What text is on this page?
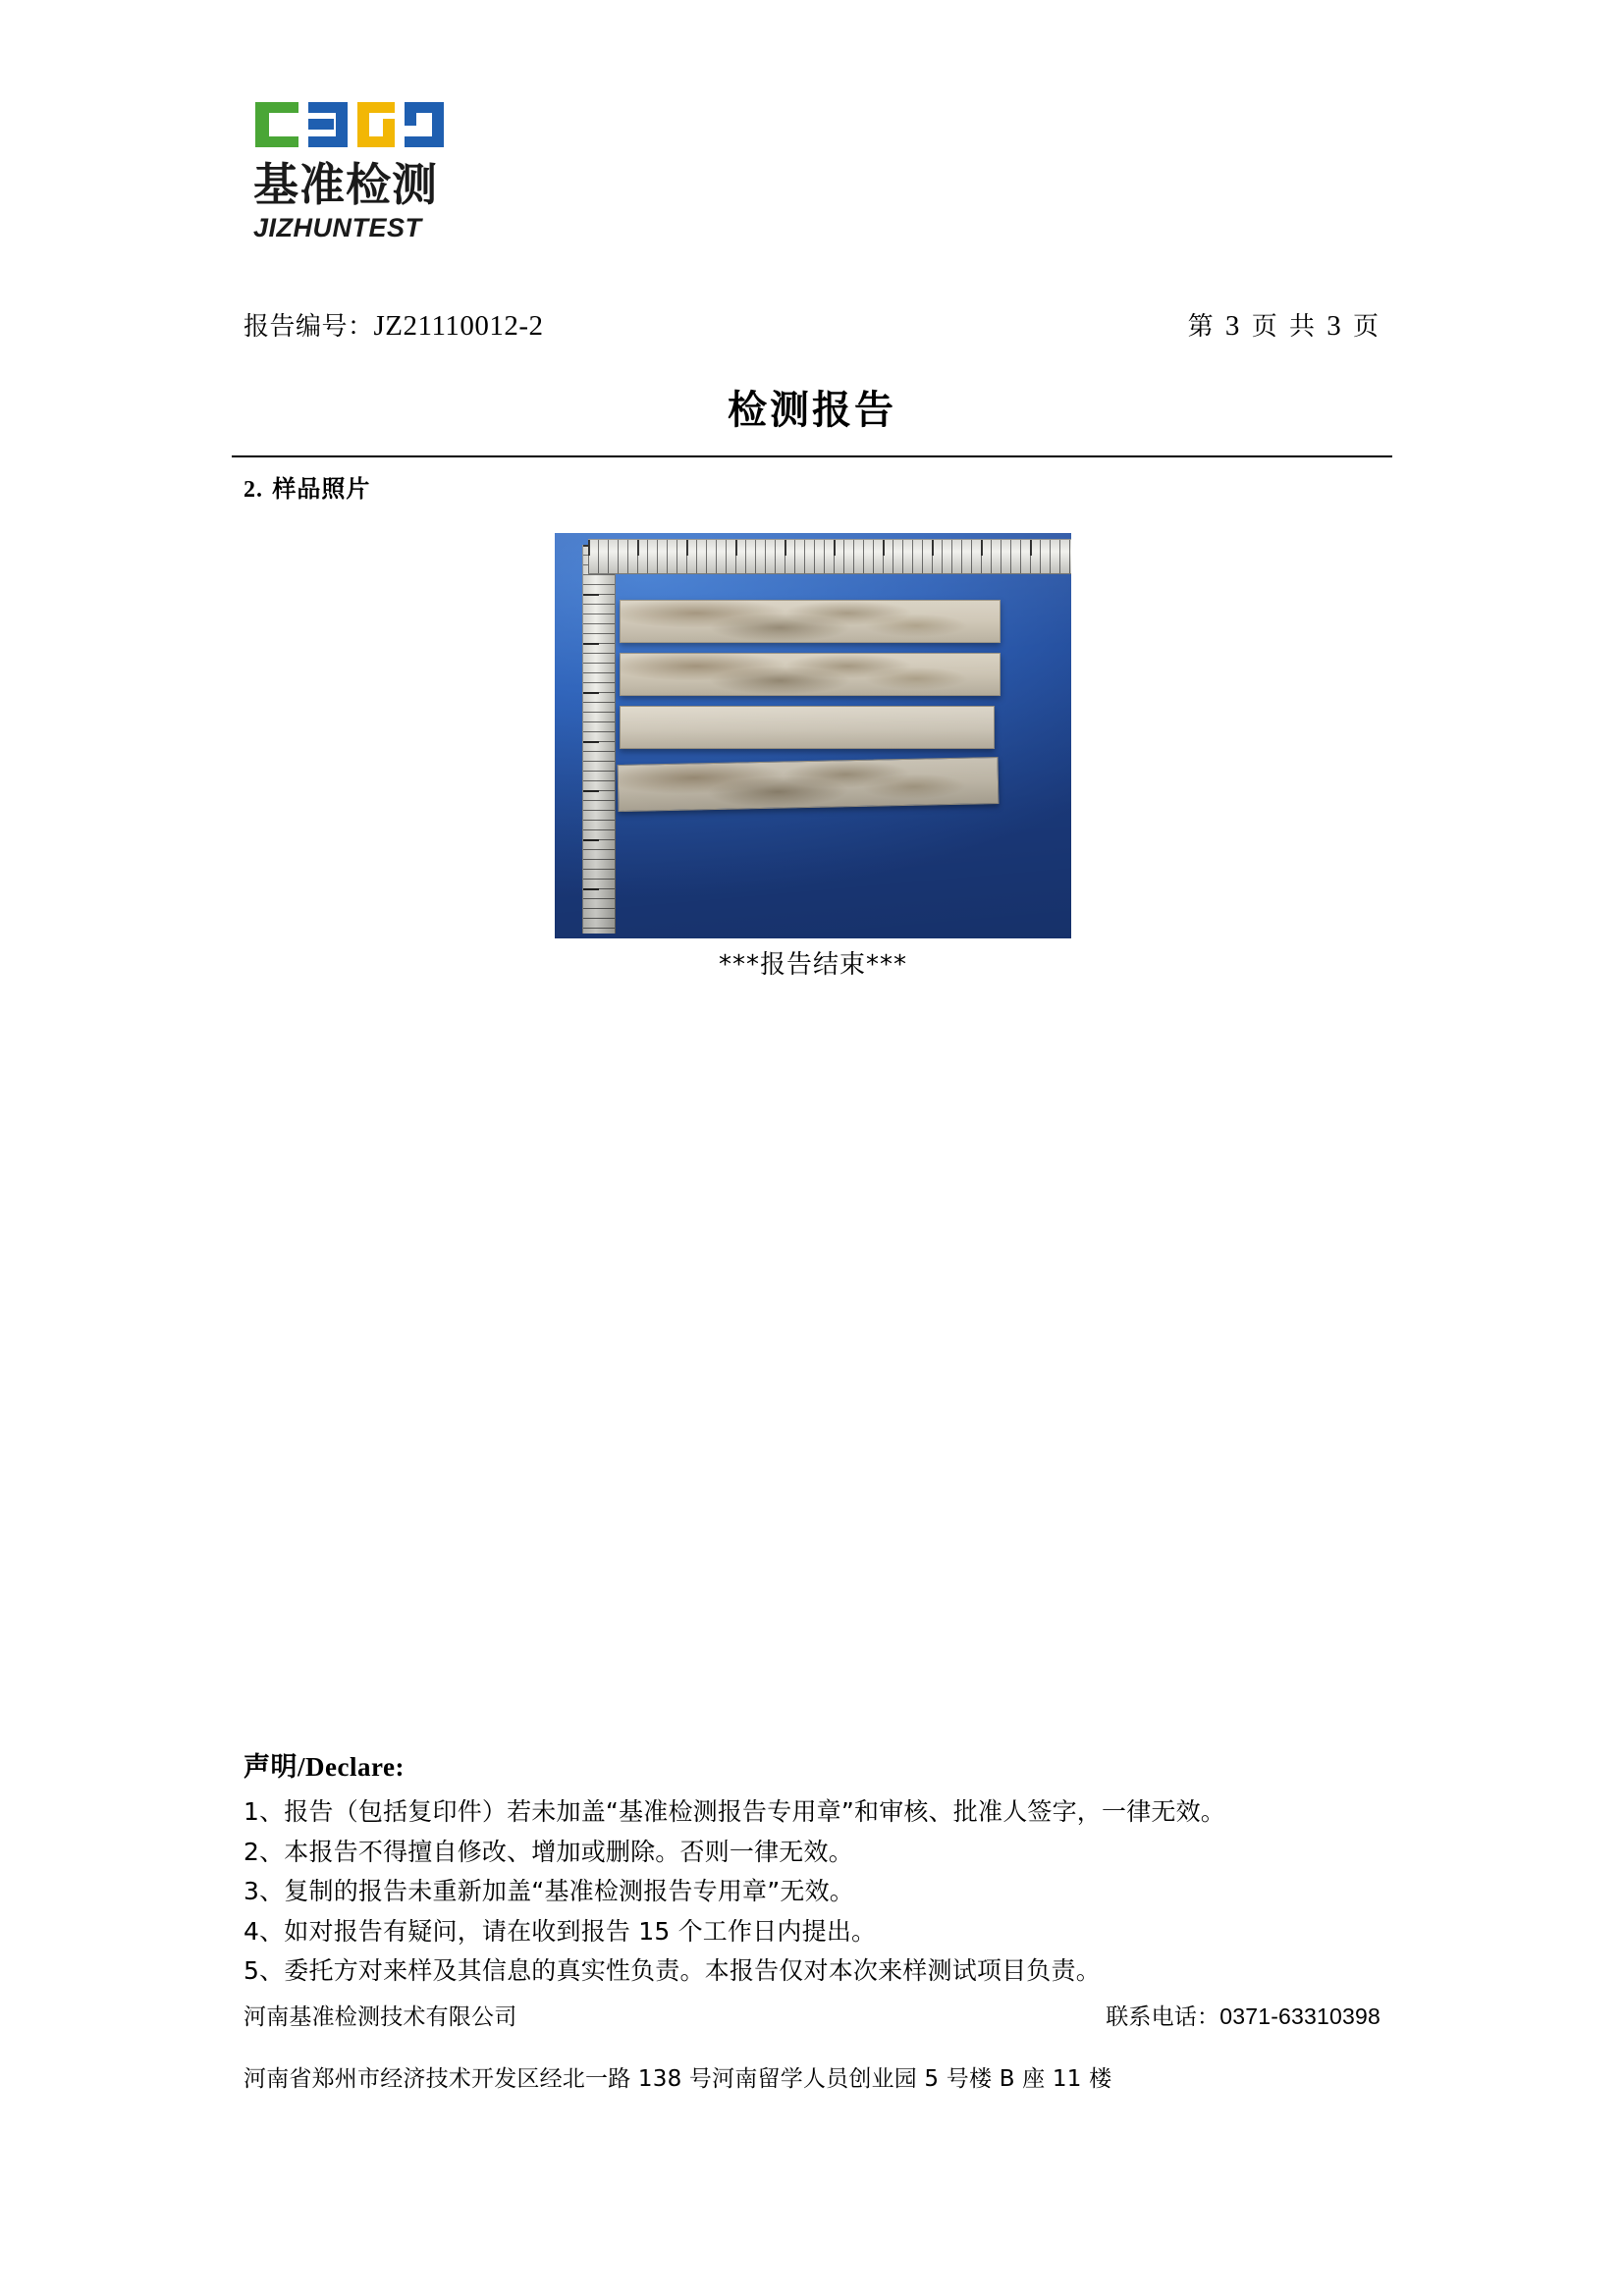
基准检测
JIZHUNTEST
报告编号：JZ21110012-2	第 3 页 共 3 页
检测报告
2. 样品照片
***报告结束***
声明/Declare:
1、报告（包括复印件）若未加盖“基准检测报告专用章”和审核、批准人签字，一律无效。
2、本报告不得擅自修改、增加或删除。否则一律无效。
3、复制的报告未重新加盖“基准检测报告专用章”无效。
4、如对报告有疑问，请在收到报告 15 个工作日内提出。
5、委托方对来样及其信息的真实性负责。本报告仅对本次来样测试项目负责。
河南基准检测技术有限公司	联系电话：0371-63310398
河南省郑州市经济技术开发区经北一路 138 号河南留学人员创业园 5 号楼 B 座 11 楼
